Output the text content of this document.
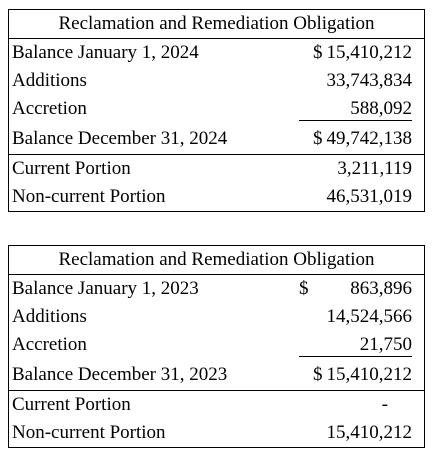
Reclamation and Remediation Obligation
Balance January 1, 2024	$ 15,410,212
Additions	33,743,834
Accretion	588,092
Balance December 31, 2024	$ 49,742,138
Current Portion	3,211,119
Non-current Portion	46,531,019
Reclamation and Remediation Obligation
Balance January 1, 2023	$ 863,896
Additions	14,524,566
Accretion	21,750
Balance December 31, 2023	$ 15,410,212
Current Portion	-
Non-current Portion	15,410,212
